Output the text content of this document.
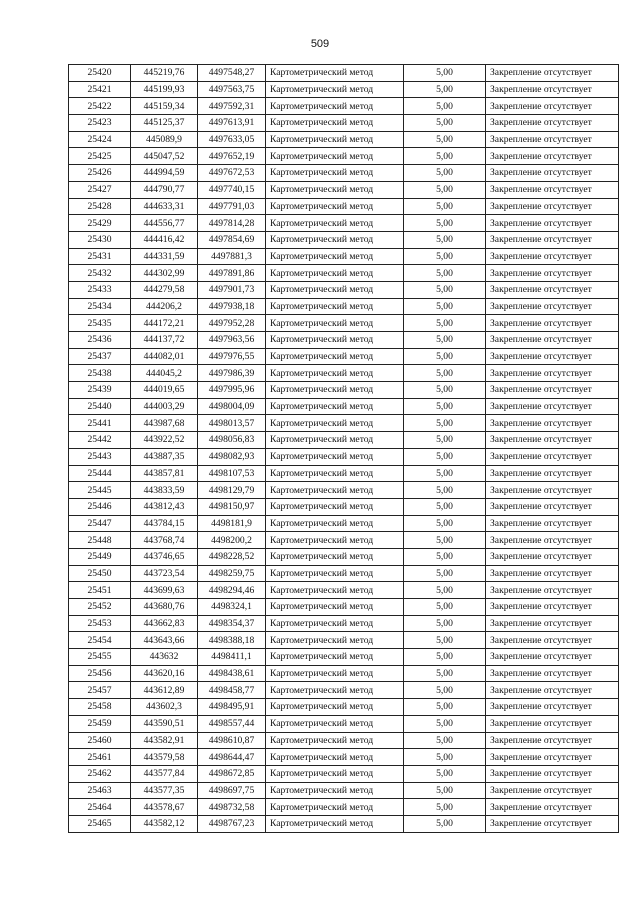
509
25420	445219,76	4497548,27	Картометрический метод	5,00	Закрепление отсутствует
25421	445199,93	4497563,75	Картометрический метод	5,00	Закрепление отсутствует
25422	445159,34	4497592,31	Картометрический метод	5,00	Закрепление отсутствует
25423	445125,37	4497613,91	Картометрический метод	5,00	Закрепление отсутствует
25424	445089,9	4497633,05	Картометрический метод	5,00	Закрепление отсутствует
25425	445047,52	4497652,19	Картометрический метод	5,00	Закрепление отсутствует
25426	444994,59	4497672,53	Картометрический метод	5,00	Закрепление отсутствует
25427	444790,77	4497740,15	Картометрический метод	5,00	Закрепление отсутствует
25428	444633,31	4497791,03	Картометрический метод	5,00	Закрепление отсутствует
25429	444556,77	4497814,28	Картометрический метод	5,00	Закрепление отсутствует
25430	444416,42	4497854,69	Картометрический метод	5,00	Закрепление отсутствует
25431	444331,59	4497881,3	Картометрический метод	5,00	Закрепление отсутствует
25432	444302,99	4497891,86	Картометрический метод	5,00	Закрепление отсутствует
25433	444279,58	4497901,73	Картометрический метод	5,00	Закрепление отсутствует
25434	444206,2	4497938,18	Картометрический метод	5,00	Закрепление отсутствует
25435	444172,21	4497952,28	Картометрический метод	5,00	Закрепление отсутствует
25436	444137,72	4497963,56	Картометрический метод	5,00	Закрепление отсутствует
25437	444082,01	4497976,55	Картометрический метод	5,00	Закрепление отсутствует
25438	444045,2	4497986,39	Картометрический метод	5,00	Закрепление отсутствует
25439	444019,65	4497995,96	Картометрический метод	5,00	Закрепление отсутствует
25440	444003,29	4498004,09	Картометрический метод	5,00	Закрепление отсутствует
25441	443987,68	4498013,57	Картометрический метод	5,00	Закрепление отсутствует
25442	443922,52	4498056,83	Картометрический метод	5,00	Закрепление отсутствует
25443	443887,35	4498082,93	Картометрический метод	5,00	Закрепление отсутствует
25444	443857,81	4498107,53	Картометрический метод	5,00	Закрепление отсутствует
25445	443833,59	4498129,79	Картометрический метод	5,00	Закрепление отсутствует
25446	443812,43	4498150,97	Картометрический метод	5,00	Закрепление отсутствует
25447	443784,15	4498181,9	Картометрический метод	5,00	Закрепление отсутствует
25448	443768,74	4498200,2	Картометрический метод	5,00	Закрепление отсутствует
25449	443746,65	4498228,52	Картометрический метод	5,00	Закрепление отсутствует
25450	443723,54	4498259,75	Картометрический метод	5,00	Закрепление отсутствует
25451	443699,63	4498294,46	Картометрический метод	5,00	Закрепление отсутствует
25452	443680,76	4498324,1	Картометрический метод	5,00	Закрепление отсутствует
25453	443662,83	4498354,37	Картометрический метод	5,00	Закрепление отсутствует
25454	443643,66	4498388,18	Картометрический метод	5,00	Закрепление отсутствует
25455	443632	4498411,1	Картометрический метод	5,00	Закрепление отсутствует
25456	443620,16	4498438,61	Картометрический метод	5,00	Закрепление отсутствует
25457	443612,89	4498458,77	Картометрический метод	5,00	Закрепление отсутствует
25458	443602,3	4498495,91	Картометрический метод	5,00	Закрепление отсутствует
25459	443590,51	4498557,44	Картометрический метод	5,00	Закрепление отсутствует
25460	443582,91	4498610,87	Картометрический метод	5,00	Закрепление отсутствует
25461	443579,58	4498644,47	Картометрический метод	5,00	Закрепление отсутствует
25462	443577,84	4498672,85	Картометрический метод	5,00	Закрепление отсутствует
25463	443577,35	4498697,75	Картометрический метод	5,00	Закрепление отсутствует
25464	443578,67	4498732,58	Картометрический метод	5,00	Закрепление отсутствует
25465	443582,12	4498767,23	Картометрический метод	5,00	Закрепление отсутствует
